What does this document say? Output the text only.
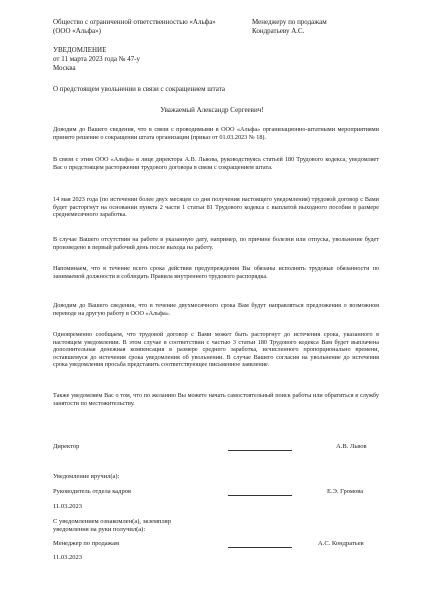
Общество с ограниченной ответственностью «Альфа»
(ООО «Альфа»)
Менеджеру по продажам
Кондратьеву А.С.
УВЕДОМЛЕНИЕ
от 11 марта 2023 года № 47-у
Москва
О предстоящем увольнении в связи с сокращением штата
Уважаемый Александр Сергеевич!
Доводим до Вашего сведения, что в связи с проводимыми в ООО «Альфа» организационно-штатными мероприятиями принято решение о сокращении штата организации (приказ от 01.03.2023 № 18).
В связи с этим ООО «Альфа» в лице директора А.В. Львова, руководствуясь статьей 180 Трудового кодекса, уведомляет Вас о предстоящем расторжении трудового договора в связи с сокращением штата.
14 мая 2023 года (по истечении более двух месяцев со дня получения настоящего уведомления) трудовой договор с Вами будет расторгнут на основании пункта 2 части 1 статьи 81 Трудового кодекса с выплатой выходного пособия в размере среднемесячного заработка.
В случае Вашего отсутствия на работе в указанную дату, например, по причине болезни или отпуска, увольнение будет произведено в первый рабочий день после выхода на работу.
Напоминаем, что в течение всего срока действия предупреждения Вы обязаны исполнять трудовые обязанности по занимаемой должности и соблюдать Правила внутреннего трудового распорядка.
Доводим до Вашего сведения, что в течение двухмесячного срока Вам будут направляться предложения о возможном переводе на другую работу в ООО «Альфа».
Одновременно сообщаем, что трудовой договор с Вами может быть расторгнут до истечения срока, указанного в настоящем уведомлении. В этом случае в соответствии с частью 3 статьи 180 Трудового кодекса Вам будет выплачена дополнительная денежная компенсация в размере среднего заработка, исчисленного пропорционально времени, оставшемуся до истечения срока уведомления об увольнении. В случае Вашего согласия на увольнение до истечения срока уведомления просьба представить соответствующее письменное заявление.
Также уведомляем Вас о том, что по желанию Вы можете начать самостоятельный поиск работы или обратиться в службу занятости по местожительству.
Директор	А.В. Львов
Уведомление вручил(а):
Руководитель отдела кадров	Е.Э. Громова
11.03.2023
С уведомлением ознакомлен(а), экземпляр
уведомления на руки получил(а):
Менеджер по продажам	А.С. Кондратьев
11.03.2023
